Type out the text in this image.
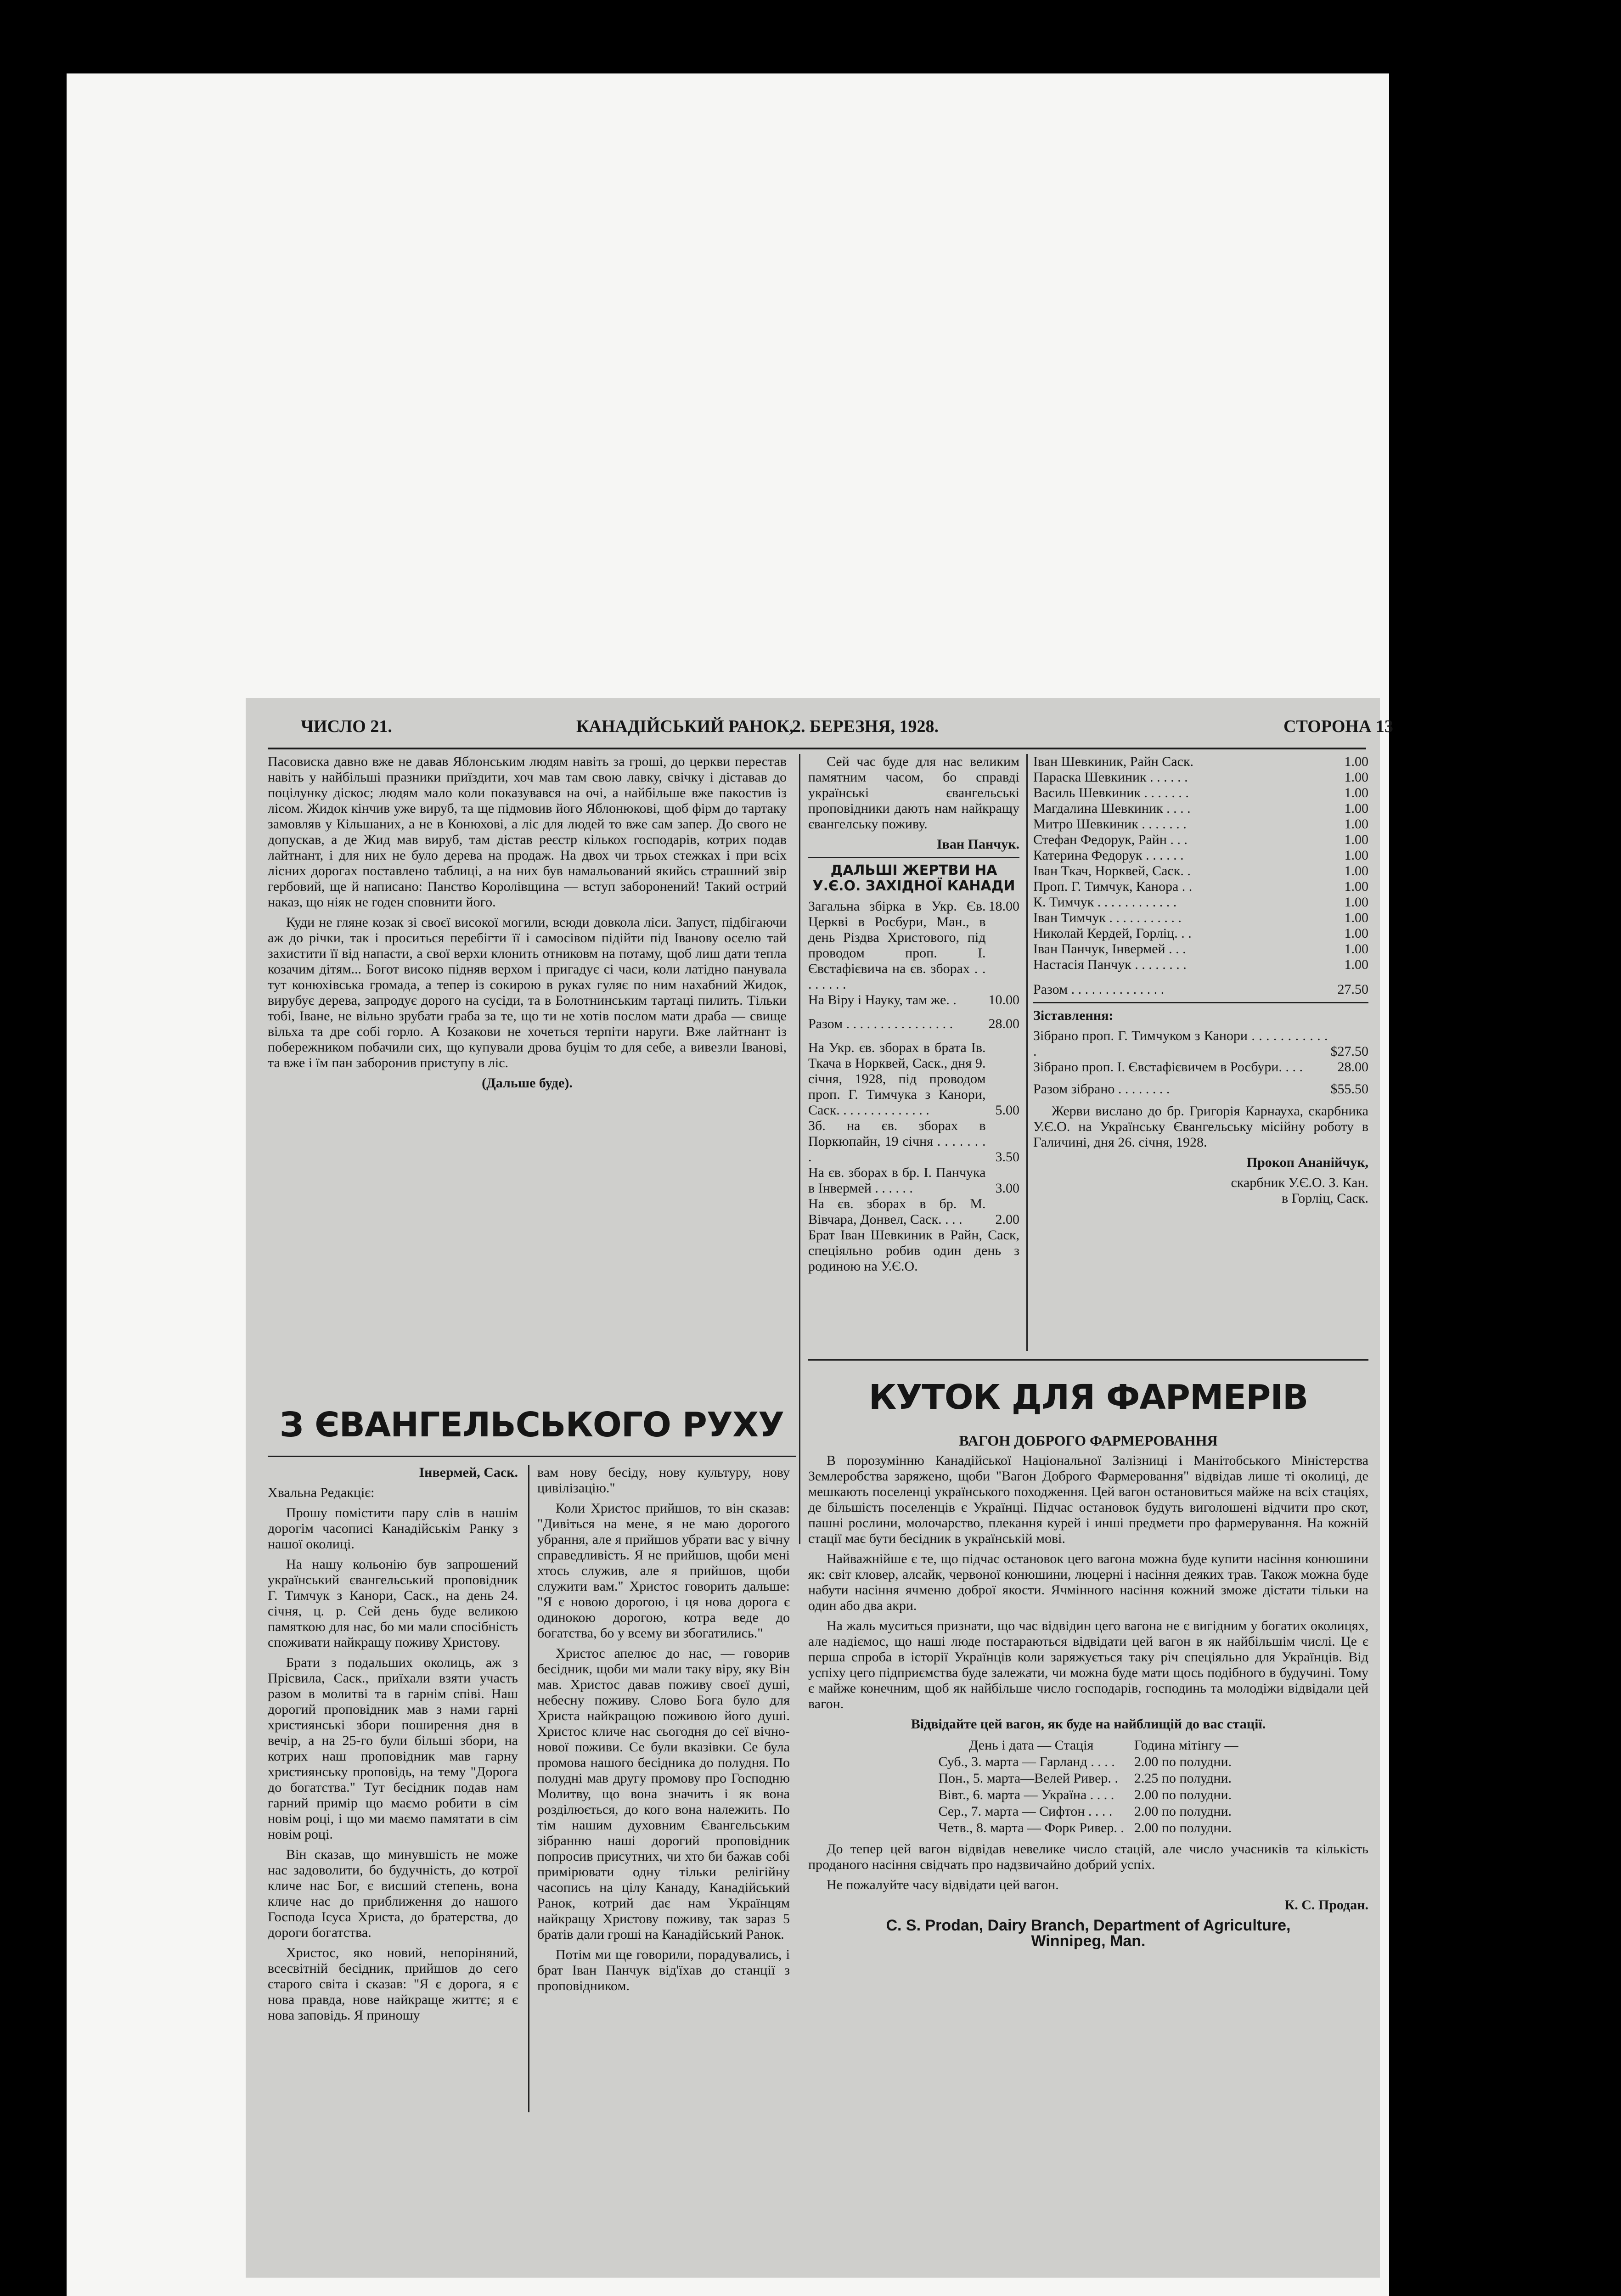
ЧИСЛО 21.	КАНАДІЙСЬКИЙ РАНОК,
2. БЕРЕЗНЯ, 1928.	СТОРОНА 13

Пасовиска давно вже не давав Яблонським людям навіть за гроші, до церкви перестав навіть у найбільші празники приїздити, хоч мав там свою лавку, свічку і діставав до поцілунку діскос; людям мало коли показувався на очі, а найбільше вже пакостив із лісом. Жидок кінчив уже вируб, та ще підмовив його Яблонюкові, щоб фірм до тартаку замовляв у Кільшаних, а не в Конюхові, а ліс для людей то вже сам запер. До свого не допускав, а де Жид мав вируб, там дістав реєстр кількох господарів, котрих подав лайтнант, і для них не було дерева на продаж. На двох чи трьох стежках і при всіх лісних дорогах поставлено таблиці, а на них був намальований якийсь страшний звір гербовий, ще й написано: Панство Королівщина — вступ заборонений! Такий острий наказ, що ніяк не годен сповнити його.

Куди не гляне козак зі своєї високої могили, всюди довкола ліси. Запуст, підбігаючи аж до річки, так і проситься перебігти її і самосівом підійти під Іванову оселю тай захистити її від напасти, а свої верхи клонить отниковм на потаму, щоб лиш дати тепла козачим дітям... Богот високо підняв верхом і пригадує сі часи, коли латідно панувала тут конюхівська громада, а тепер із сокирою в руках гуляє по ним нахабний Жидок, вирубує дерева, запродує дорого на сусіди, та в Болотнинським тартаці пилить. Тільки тобі, Іване, не вільно зрубати граба за те, що ти не хотів послом мати драба — свище вільха та дре собі горло. А Козакови не хочеться терпіти наруги. Вже лайтнант із побережником побачили сих, що купували дрова буцім то для себе, а вивезли Іванові, та вже і їм пан заборонив приступу в ліс.

(Дальше буде).

З ЄВАНГЕЛЬСЬКОГО РУХУ

Інвермей, Саск.

Хвальна Редакціє:

Прошу помістити пару слів в нашім дорогім часописі Канадійськім Ранку з нашої околиці.

На нашу кольонію був запрошений український євангельський проповідник Г. Тимчук з Канори, Саск., на день 24. січня, ц. р. Сей день буде великою памяткою для нас, бо ми мали спосібність споживати найкращу поживу Христову.

Брати з подальших околиць, аж з Прісвила, Саск., приїхали взяти участь разом в молитві та в гарнім співі. Наш дорогий проповідник мав з нами гарні християнські збори поширення дня в вечір, а на 25-го були більші збори, на котрих наш проповідник мав гарну християнську проповідь, на тему "Дорога до богатства." Тут бесідник подав нам гарний примір що маємо робити в сім новім році, і що ми маємо памятати в сім новім році.

Він сказав, що минувшість не може нас задоволити, бо будучність, до котрої кличе нас Бог, є висший степень, вона кличе нас до приближення до нашого Господа Ісуса Христа, до братерства, до дороги богатства.

Христос, яко новий, непоріняний, всесвітній бесідник, прийшов до сего старого світа і сказав: "Я є дорога, я є нова правда, нове найкраще життє; я є нова заповідь. Я приношу

вам нову бесіду, нову культуру, нову цивілізацію."

Коли Христос прийшов, то він сказав: "Дивіться на мене, я не маю дорогого убрання, але я прийшов убрати вас у вічну справедливість. Я не прийшов, щоби мені хтось служив, але я прийшов, щоби служити вам." Христос говорить дальше: "Я є новою дорогою, і ця нова дорога є одинокою дорогою, котра веде до богатства, бо у всему ви збогатились."

Христос апелює до нас, — говорив бесідник, щоби ми мали таку віру, яку Він мав. Христос давав поживу своєї душі, небесну поживу. Слово Бога було для Христа найкращою поживою його душі. Христос кличе нас сьогодня до сеї вічно-нової поживи. Се були вказівки. Се була промова нашого бесідника до полудня. По полудні мав другу промову про Господню Молитву, що вона значить і як вона розділюється, до кого вона належить. По тім нашим духовним Євангельським зібранню наші дорогий проповідник попросив присутних, чи хто би бажав собі примірювати одну тільки релігійну часопись на цілу Канаду, Канадійський Ранок, котрий дає нам Українцям найкращу Христову поживу, так зараз 5 братів дали гроші на Канадійський Ранок.

Потім ми ще говорили, порадувались, і брат Іван Панчук від'їхав до станції з проповідником.

Сей час буде для нас великим памятним часом, бо справді українські євангельські проповідники дають нам найкращу євангелську поживу.

Іван Панчук.

ДАЛЬШІ ЖЕРТВИ НА У.Є.О. ЗАХІДНОЇ КАНАДИ

Загальна збірка в Укр. Єв. Церкві в Росбури, Ман., в день Різдва Христового, під проводом проп. І. Євстафієвича на єв. зборах . . . . . . . .	18.00
На Віру і Науку, там же. .	10.00

Разом . . . . . . . . . . . . . . . .	28.00

На Укр. єв. зборах в брата Ів. Ткача в Норквей, Саск., дня 9. січня, 1928, під проводом проп. Г. Тимчука з Канори, Саск. . . . . . . . . . . . . .	5.00
Зб. на єв. зборах в Поркюпайн, 19 січня . . . . . . . .	3.50
На єв. зборах в бр. І. Панчука в Інвермей . . . . . .	3.00
На єв. зборах в бр. М. Вівчара, Донвел, Саск. . . .	2.00
Брат Іван Шевкиник в Райн, Саск, спеціяльно робив один день з родиною на У.Є.О.	
Іван Шевкиник, Райн Саск.	1.00
Параска Шевкиник . . . . . .	1.00
Василь Шевкиник . . . . . . .	1.00
Магдалина Шевкиник . . . .	1.00
Митро Шевкиник . . . . . . .	1.00
Стефан Федорук, Райн . . .	1.00
Катерина Федорук . . . . . .	1.00
Іван Ткач, Норквей, Саск. .	1.00
Проп. Г. Тимчук, Канора . .	1.00
К. Тимчук . . . . . . . . . . . .	1.00
Іван Тимчук . . . . . . . . . . .	1.00
Николай Кердей, Горліц. . .	1.00
Іван Панчук, Інвермей . . .	1.00
Настасія Панчук . . . . . . . .	1.00

Разом . . . . . . . . . . . . . .	27.50

Зіставлення:

Зібрано проп. Г. Тимчуком з Канори . . . . . . . . . . . .	$27.50
Зібрано проп. І. Євстафієвичем в Росбури. . . .	28.00

Разом зібрано . . . . . . . .	$55.50

Жерви вислано до бр. Григорія Карнауха, скарбника У.Є.О. на Українську Євангельську місійну роботу в Галичині, дня 26. січня, 1928.

Прокоп Ананійчук,

скарбник У.Є.О. З. Кан.

в Горліц, Саск.

КУТОК ДЛЯ ФАРМЕРІВ

ВАГОН ДОБРОГО ФАРМЕРОВАННЯ

В порозумінню Канадійської Національної Залізниці і Манітобського Міністерства Землеробства заряжено, щоби "Вагон Доброго Фармеровання" відвідав лише ті околиці, де мешкають поселенці українського походження. Цей вагон остановиться майже на всіх стаціях, де більшість поселенців є Українці. Підчас остановок будуть виголошені відчити про скот, пашні рослини, молочарство, плекання курей і инші предмети про фармерування. На кожній стації має бути бесідник в українській мові.

Найважнійше є те, що підчас остановок цего вагона можна буде купити насіння конюшини як: світ кловер, алсайк, червоної конюшини, люцерні і насіння деяких трав. Також можна буде набути насіння ячменю доброї якости. Ячмінного насіння кожний зможе дістати тільки на один або два акри.

На жаль муситься признати, що час відвідин цего вагона не є вигідним у богатих околицях, але надіємос, що наші люде постараються відвідати цей вагон в як найбільшім числі. Це є перша спроба в історії Українців коли заряжується таку річ спеціяльно для Українців. Від успіху цего підприємства буде залежати, чи можна буде мати щось подібного в будучині. Тому є майже конечним, щоб як найбільше число господарів, господинь та молодіжи відвідали цей вагон.

Відвідайте цей вагон, як буде на найблищій до вас стації.

День і дата — Стація	Година мітінгу —
Суб., 3. марта — Гарланд . . . .	2.00 по полудни.
Пон., 5. марта—Велей Ривер. .	2.25 по полудни.
Вівт., 6. марта — Україна . . . .	2.00 по полудни.
Сер., 7. марта — Сифтон . . . .	2.00 по полудни.
Четв., 8. марта — Форк Ривер. .	2.00 по полудни.

До тепер цей вагон відвідав невелике число стацій, але число учасників та кількість проданого насіння свідчать про надзвичайно добрий успіх.

Не пожалуйте часу відвідати цей вагон.

К. С. Продан.

C. S. Prodan, Dairy Branch, Department of Agriculture,
Winnipeg, Man.
